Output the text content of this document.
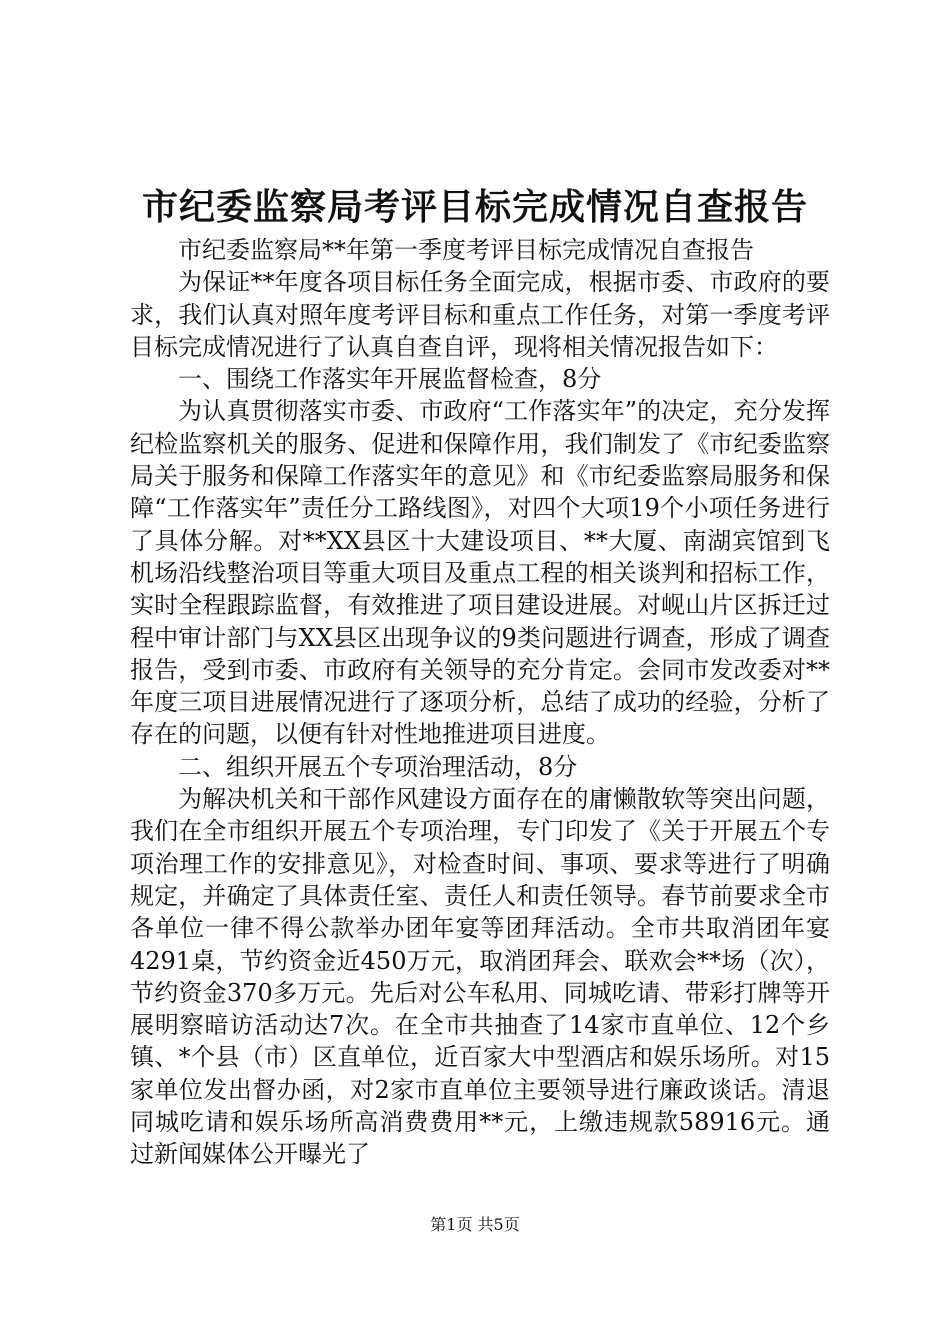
市纪委监察局考评目标完成情况自查报告

市纪委监察局**年第一季度考评目标完成情况自查报告

为保证**年度各项目标任务全面完成，根据市委、市政府的要求，我们认真对照年度考评目标和重点工作任务，对第一季度考评目标完成情况进行了认真自查自评，现将相关情况报告如下：

一、围绕工作落实年开展监督检查，8分

为认真贯彻落实市委、市政府“工作落实年”的决定，充分发挥纪检监察机关的服务、促进和保障作用，我们制发了《市纪委监察局关于服务和保障工作落实年的意见》和《市纪委监察局服务和保障“工作落实年”责任分工路线图》，对四个大项19个小项任务进行了具体分解。对**XX县区十大建设项目、**大厦、南湖宾馆到飞机场沿线整治项目等重大项目及重点工程的相关谈判和招标工作，实时全程跟踪监督，有效推进了项目建设进展。对岘山片区拆迁过程中审计部门与XX县区出现争议的9类问题进行调查，形成了调查报告，受到市委、市政府有关领导的充分肯定。会同市发改委对**年度三项目进展情况进行了逐项分析，总结了成功的经验，分析了存在的问题，以便有针对性地推进项目进度。

二、组织开展五个专项治理活动，8分

为解决机关和干部作风建设方面存在的庸懒散软等突出问题，我们在全市组织开展五个专项治理，专门印发了《关于开展五个专项治理工作的安排意见》，对检查时间、事项、要求等进行了明确规定，并确定了具体责任室、责任人和责任领导。春节前要求全市各单位一律不得公款举办团年宴等团拜活动。全市共取消团年宴4291桌，节约资金近450万元，取消团拜会、联欢会**场（次），节约资金370多万元。先后对公车私用、同城吃请、带彩打牌等开展明察暗访活动达7次。在全市共抽查了14家市直单位、12个乡镇、*个县（市）区直单位，近百家大中型酒店和娱乐场所。对15家单位发出督办函，对2家市直单位主要领导进行廉政谈话。清退同城吃请和娱乐场所高消费费用**元，上缴违规款58916元。通过新闻媒体公开曝光了

第1页 共5页
